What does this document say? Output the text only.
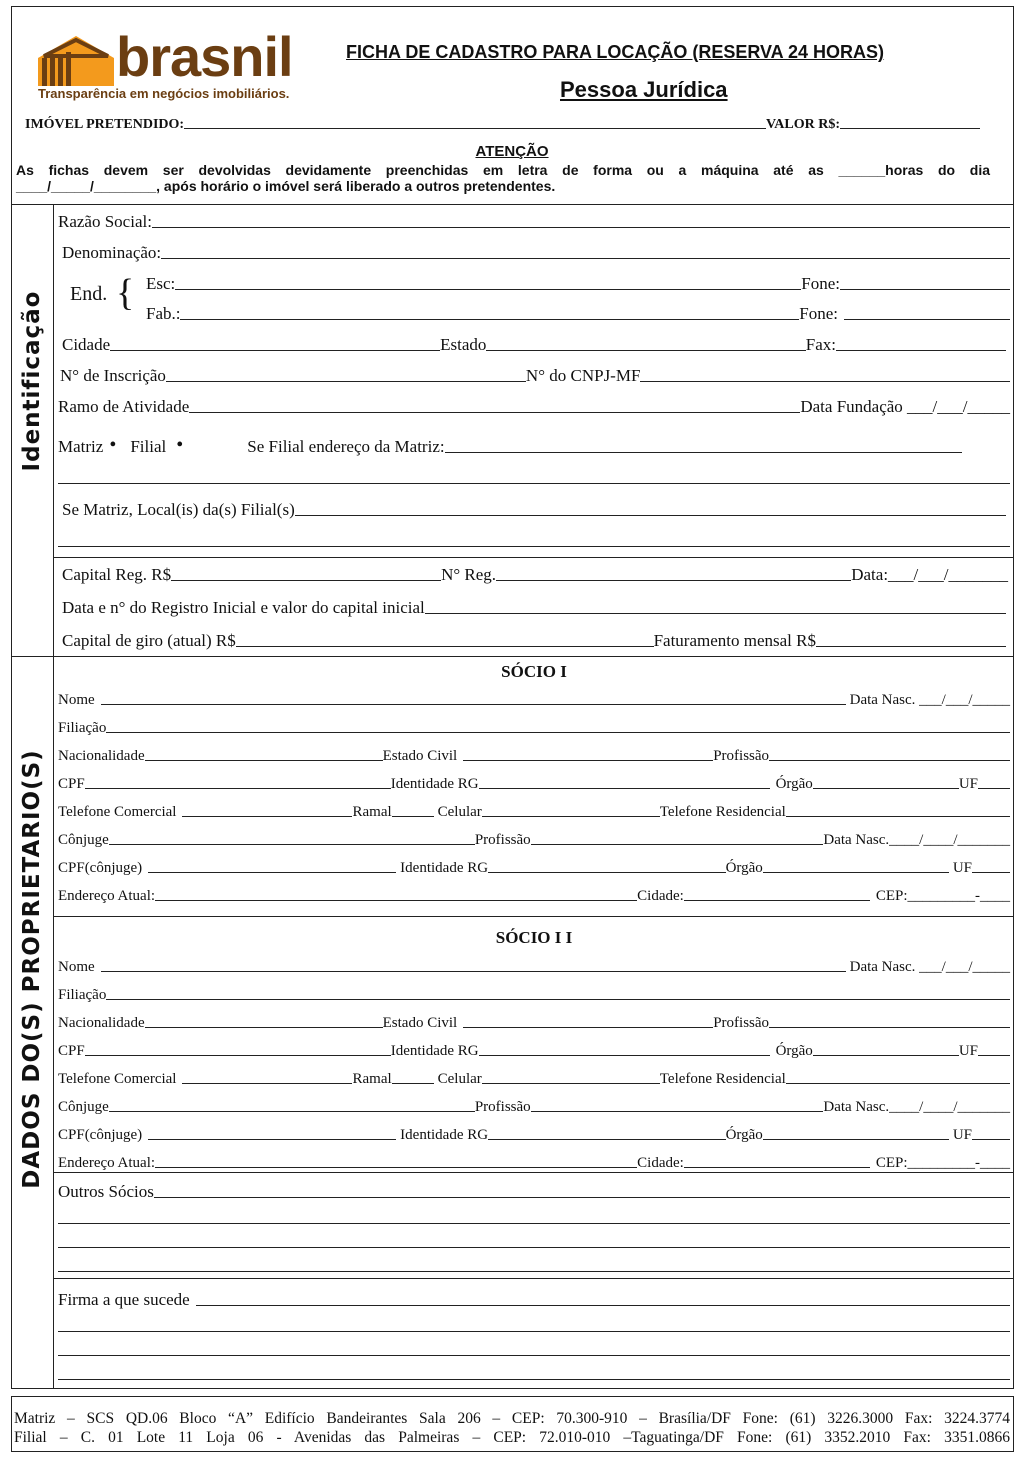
brasnil
Transparência em negócios imobiliários.
FICHA DE CADASTRO PARA LOCAÇÃO (RESERVA 24 HORAS)
Pessoa Jurídica
IMÓVEL PRETENDIDO:	VALOR R$:
ATENÇÃO
As fichas devem ser devolvidas devidamente preenchidas em letra de forma ou a máquina até as ______horas do dia
____/_____/________, após horário o imóvel será liberado a outros pretendentes.
Identificação
DADOS DO(S) PROPRIETARIO(S)
Razão Social:
Denominação:
End. { Esc:	Fone:
Fab.:	Fone:
Cidade	Estado	Fax:
N° de Inscrição	N° do CNPJ-MF
Ramo de Atividade	Data Fundação ___/___/_____
Matriz • Filial •	Se Filial endereço da Matriz:
Se Matriz, Local(is) da(s) Filial(s)
Capital Reg. R$	N° Reg.	Data:___/___/_______
Data e n° do Registro Inicial e valor do capital inicial
Capital de giro (atual) R$	Faturamento mensal R$
SÓCIO I
Nome	Data Nasc. ___/___/_____
Filiação
Nacionalidade	Estado Civil	Profissão
CPF	Identidade RG	Órgão	UF
Telefone Comercial	Ramal	Celular	Telefone Residencial
Cônjuge	Profissão	Data Nasc.____/____/_______
CPF(cônjuge)	Identidade RG	Órgão	UF
Endereço Atual:	Cidade:	CEP:_________-____
SÓCIO I I
Nome	Data Nasc. ___/___/_____
Filiação
Nacionalidade	Estado Civil	Profissão
CPF	Identidade RG	Órgão	UF
Telefone Comercial	Ramal	Celular	Telefone Residencial
Cônjuge	Profissão	Data Nasc.____/____/_______
CPF(cônjuge)	Identidade RG	Órgão	UF
Endereço Atual:	Cidade:	CEP:_________-____
Outros Sócios
Firma a que sucede
Matriz – SCS QD.06 Bloco “A” Edifício Bandeirantes Sala 206 – CEP: 70.300-910 – Brasília/DF Fone: (61) 3226.3000 Fax: 3224.3774
Filial – C. 01 Lote 11 Loja 06 - Avenidas das Palmeiras – CEP: 72.010-010 –Taguatinga/DF Fone: (61) 3352.2010 Fax: 3351.0866
